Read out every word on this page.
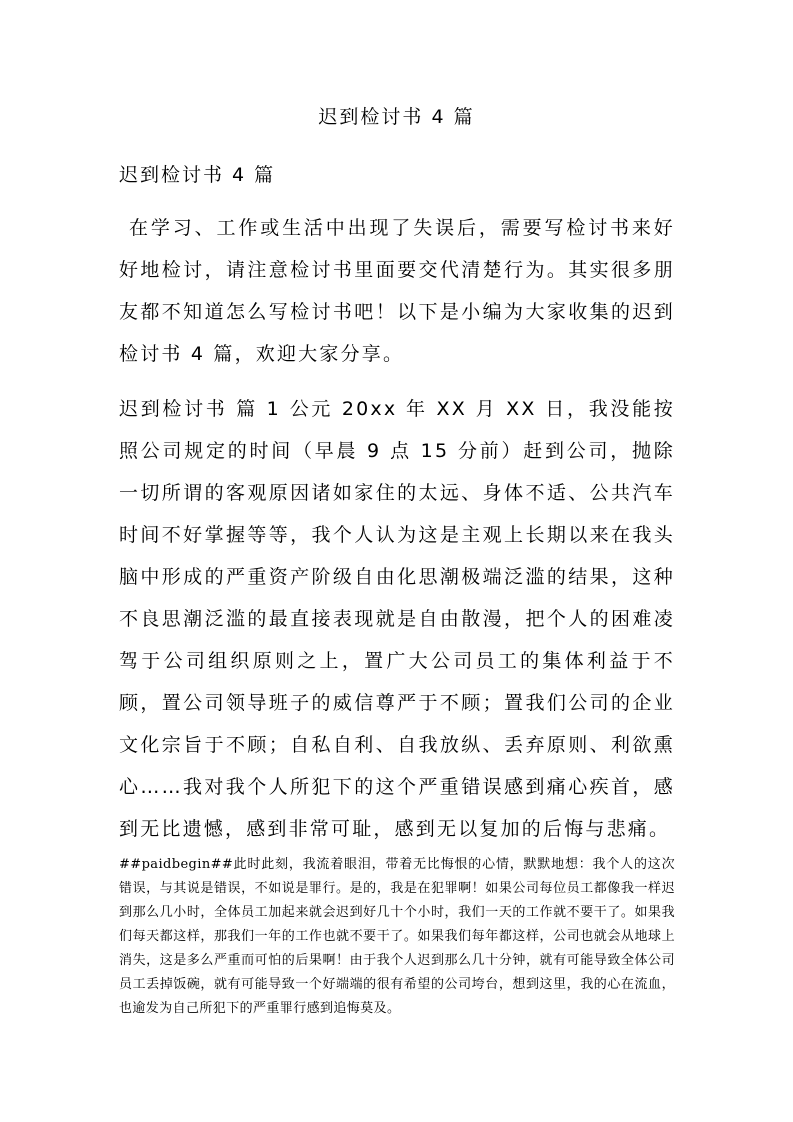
迟到检讨书 4 篇
迟到检讨书 4 篇

在学习、工作或生活中出现了失误后，需要写检讨书来好好地检讨，请注意检讨书里面要交代清楚行为。其实很多朋友都不知道怎么写检讨书吧！以下是小编为大家收集的迟到检讨书 4 篇，欢迎大家分享。

迟到检讨书 篇 1 公元 20xx 年 XX 月 XX 日，我没能按照公司规定的时间（早晨 9 点 15 分前）赶到公司，抛除一切所谓的客观原因诸如家住的太远、身体不适、公共汽车时间不好掌握等等，我个人认为这是主观上长期以来在我头脑中形成的严重资产阶级自由化思潮极端泛滥的结果，这种不良思潮泛滥的最直接表现就是自由散漫，把个人的困难凌驾于公司组织原则之上，置广大公司员工的集体利益于不顾，置公司领导班子的威信尊严于不顾；置我们公司的企业文化宗旨于不顾；自私自利、自我放纵、丢弃原则、利欲熏心……我对我个人所犯下的这个严重错误感到痛心疾首，感到无比遗憾，感到非常可耻，感到无以复加的后悔与悲痛。

##paidbegin##此时此刻，我流着眼泪，带着无比悔恨的心情，默默地想：我个人的这次错误，与其说是错误，不如说是罪行。是的，我是在犯罪啊！如果公司每位员工都像我一样迟到那么几小时，全体员工加起来就会迟到好几十个小时，我们一天的工作就不要干了。如果我们每天都这样，那我们一年的工作也就不要干了。如果我们每年都这样，公司也就会从地球上消失，这是多么严重而可怕的后果啊！由于我个人迟到那么几十分钟，就有可能导致全体公司员工丢掉饭碗，就有可能导致一个好端端的很有希望的公司垮台，想到这里，我的心在流血，也逾发为自己所犯下的严重罪行感到追悔莫及。
